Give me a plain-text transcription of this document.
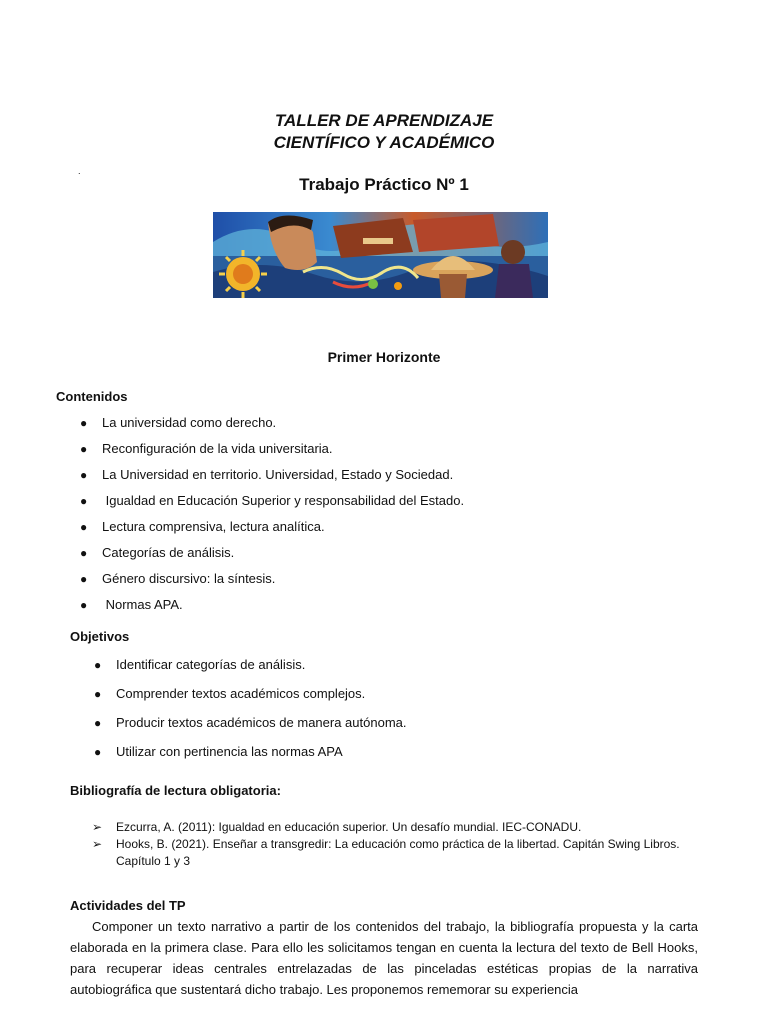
TALLER DE APRENDIZAJE
CIENTÍFICO Y ACADÉMICO
.
Trabajo Práctico Nº 1
Primer Horizonte
Contenidos
● La universidad como derecho.
● Reconfiguración de la vida universitaria.
● La Universidad en territorio. Universidad, Estado y Sociedad.
● Igualdad en Educación Superior y responsabilidad del Estado.
● Lectura comprensiva, lectura analítica.
● Categorías de análisis.
● Género discursivo: la síntesis.
● Normas APA.
Objetivos
● Identificar categorías de análisis.
● Comprender textos académicos complejos.
● Producir textos académicos de manera autónoma.
● Utilizar con pertinencia las normas APA
Bibliografía de lectura obligatoria:
➢ Ezcurra, A. (2011): Igualdad en educación superior. Un desafío mundial. IEC-CONADU.
➢ Hooks, B. (2021). Enseñar a transgredir: La educación como práctica de la libertad. Capitán Swing Libros. Capítulo 1 y 3
Actividades del TP
Componer un texto narrativo a partir de los contenidos del trabajo, la bibliografía propuesta y la carta elaborada en la primera clase. Para ello les solicitamos tengan en cuenta la lectura del texto de Bell Hooks, para recuperar ideas centrales entrelazadas de las pinceladas estéticas propias de la narrativa autobiográfica que sustentará dicho trabajo. Les proponemos rememorar su experiencia
